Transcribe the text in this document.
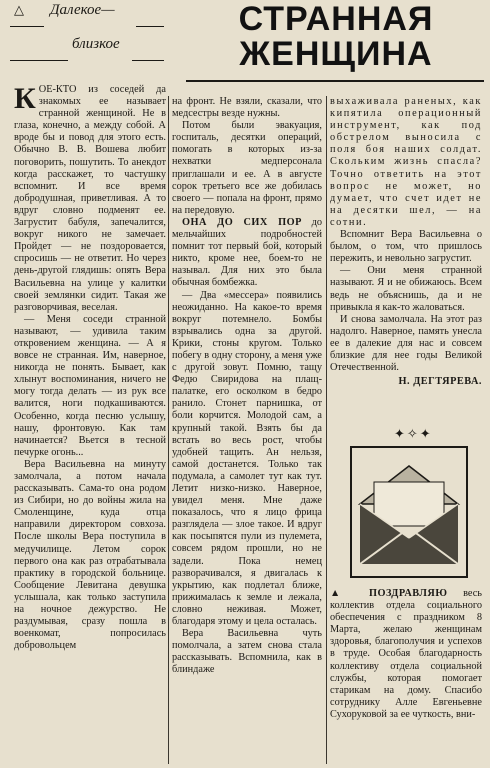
△ Далекое—
близкое
СТРАННАЯ
ЖЕНЩИНА

КОЕ-КТО из соседей да знакомых ее называет странной женщиной. Не в глаза, конечно, а между собой. А вроде бы и повод для этого есть. Обычно В. В. Вошева любит поговорить, пошутить. То анекдот когда расскажет, то частушку вспомнит. И все время добродушная, приветливая. А то вдруг словно подменят ее. Загрустит бабуля, запечалится, вокруг никого не замечает. Пройдет — не поздоровается, спросишь — не ответит. Но через день-другой глядишь: опять Вера Васильевна на улице у калитки своей землянки сидит. Такая же разговорчивая, веселая.

— Меня соседи странной называют, — удивила таким откровением женщина. — А я вовсе не странная. Им, наверное, никогда не понять. Бывает, как хлынут воспоминания, ничего не могу тогда делать — из рук все валится, ноги подкашиваются. Особенно, когда песню услышу, нашу, фронтовую. Как там начинается? Вьется в тесной печурке огонь...

Вера Васильевна на минуту замолчала, а потом начала рассказывать. Сама-то она родом из Сибири, но до войны жила на Смоленщине, куда отца направили директором совхоза. После школы Вера поступила в медучилище. Летом сорок первого она как раз отрабатывала практику в городской больнице. Сообщение Левитана девушка услышала, как только заступила на ночное дежурство. Не раздумывая, сразу пошла в военкомат, попросилась добровольцем

на фронт. Не взяли, сказали, что медсестры везде нужны.

Потом были эвакуация, госпиталь, десятки операций, помогать в которых из-за нехватки медперсонала приглашали и ее. А в августе сорок третьего все же добилась своего — попала на фронт, прямо на передовую.

ОНА ДО СИХ ПОР до мельчайших подробностей помнит тот первый бой, который никто, кроме нее, боем-то не называл. Для них это была обычная бомбежка.

— Два «мессера» появились неожиданно. На какое-то время вокруг потемнело. Бомбы взрывались одна за другой. Крики, стоны кругом. Только побегу в одну сторону, а меня уже с другой зовут. Помню, тащу Федю Свиридова на плащ-палатке, его осколком в бедро ранило. Стонет парнишка, от боли корчится. Молодой сам, а крупный такой. Взять бы да встать во весь рост, чтобы удобней тащить. Ан нельзя, самой достанется. Только так подумала, а самолет тут как тут. Летит низко-низко. Наверное, увидел меня. Мне даже показалось, что я лицо фрица разглядела — злое такое. И вдруг как посыпятся пули из пулемета, совсем рядом прошли, но не задели. Пока немец разворачивался, я двигалась к укрытию, как подлетал ближе, прижималась к земле и лежала, словно неживая. Может, благодаря этому и цела осталась.

Вера Васильевна чуть помолчала, а затем снова стала рассказывать. Вспомнила, как в блиндаже

выхаживала раненых, как кипятила операционный инструмент, как под обстрелом выносила с поля боя наших солдат. Скольким жизнь спасла? Точно ответить на этот вопрос не может, но думает, что счет идет не на десятки шел, — на сотни.

Вспомнит Вера Васильевна о былом, о том, что пришлось пережить, и невольно загрустит.

— Они меня странной называют. Я и не обижаюсь. Всем ведь не объяснишь, да и не привыкла я как-то жаловаться.

И снова замолчала. На этот раз надолго. Наверное, память унесла ее в далекие для нас и совсем близкие для нее годы Великой Отечественной.

Н. ДЕГТЯРЕВА.

✦✧✦

▲ ПОЗДРАВЛЯЮ весь коллектив отдела социального обеспечения с праздником 8 Марта, желаю женщинам здоровья, благополучия и успехов в труде. Особая благодарность коллективу отдела социальной службы, которая помогает старикам на дому. Спасибо сотруднику Алле Евгеньевне Сухоруковой за ее чуткость, вни-
